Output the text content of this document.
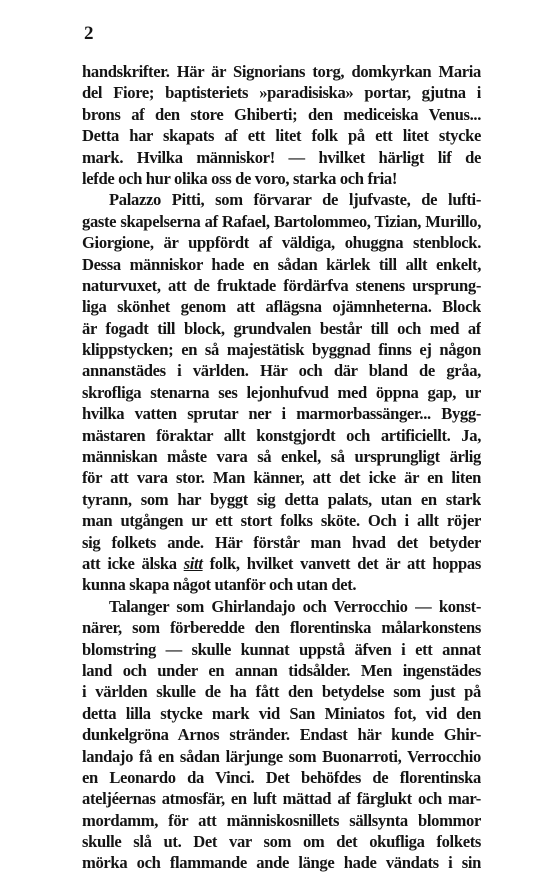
2
handskrifter. Här är Signorians torg, domkyrkan Maria
del Fiore; baptisteriets »paradisiska» portar, gjutna i
brons af den store Ghiberti; den mediceiska Venus...
Detta har skapats af ett litet folk på ett litet stycke
mark. Hvilka människor! — hvilket härligt lif de
lefde och hur olika oss de voro, starka och fria!
Palazzo Pitti, som förvarar de ljufvaste, de lufti-
gaste skapelserna af Rafael, Bartolommeo, Tizian, Murillo,
Giorgione, är uppfördt af väldiga, ohuggna stenblock.
Dessa människor hade en sådan kärlek till allt enkelt,
naturvuxet, att de fruktade fördärfva stenens ursprung-
liga skönhet genom att aflägsna ojämnheterna. Block
är fogadt till block, grundvalen består till och med af
klippstycken; en så majestätisk byggnad finns ej någon
annanstädes i världen. Här och där bland de gråa,
skrofliga stenarna ses lejonhufvud med öppna gap, ur
hvilka vatten sprutar ner i marmorbassänger... Bygg-
mästaren föraktar allt konstgjordt och artificiellt. Ja,
människan måste vara så enkel, så ursprungligt ärlig
för att vara stor. Man känner, att det icke är en liten
tyrann, som har byggt sig detta palats, utan en stark
man utgången ur ett stort folks sköte. Och i allt röjer
sig folkets ande. Här förstår man hvad det betyder
att icke älska sitt folk, hvilket vanvett det är att hoppas
kunna skapa något utanför och utan det.
Talanger som Ghirlandajo och Verrocchio — konst-
närer, som förberedde den florentinska målarkonstens
blomstring — skulle kunnat uppstå äfven i ett annat
land och under en annan tidsålder. Men ingenstädes
i världen skulle de ha fått den betydelse som just på
detta lilla stycke mark vid San Miniatos fot, vid den
dunkelgröna Arnos stränder. Endast här kunde Ghir-
landajo få en sådan lärjunge som Buonarroti, Verrocchio
en Leonardo da Vinci. Det behöfdes de florentinska
ateljéernas atmosfär, en luft mättad af färglukt och mar-
mordamm, för att människosnillets sällsynta blommor
skulle slå ut. Det var som om det okufliga folkets
mörka och flammande ande länge hade vändats i sin
